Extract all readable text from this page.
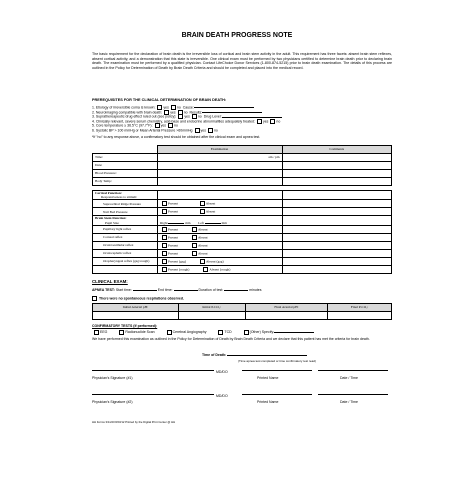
BRAIN DEATH PROGRESS NOTE
The basic requirement for the declaration of brain death is the irreversible loss of cortical and brain stem activity in the adult. This requirement has three facets: absent brain stem reflexes, absent cortical activity, and a demonstration that this state is irreversible. One clinical exam must be performed by two physicians certified to determine brain death prior to declaring brain death. The examination must be performed by a qualified physician. Contact LifeChoice Donor Services (1-800-874-5215) prior to brain death examination. The details of this process are outlined in the Policy for Determination of Death by Brain Death Criteria and should be completed and placed into the medical record.
PREREQUISITES FOR THE CLINICAL DETERMINATION OF BRAIN DEATH:
1. Etiology of irreversible coma is known: yes no Cause:
2. Neuroimaging compatible with brain death: yes no Results:
3. Suprathereapeutic drug effect ruled out (see policy): yes no Drug Level:
4. Clinically relevant, severe serum chemistry, acid-base and endocrine abnormalities adequately treated: yes no
5. Core temperature ≥ 36.5°C (97.7°F): yes no
6. Systolic BP > 100 mmHg or Mean Arterial Pressure >60mmHg yes no
*If "no" to any response above, a confirmatory test should be obtained after the clinical exam and apnea test.
	Examination	Comments
Time:	am / pm	
Date:		
Blood Pressure:		
Body Temp:		
Cortical Function:
Responsiveness to stimuli:		
Supraorbital Ridge Pressure	Present Absent	
Nail Bed Pressure	Present Absent	
Brain Stem Function:
Pupil Size	Right mm Left mm	
Pupillary light reflex	Present Absent	
Corneal reflex	Present Absent	
Oculovestibular reflex	Present Absent	
Oculocephalic reflex	Present Absent	
Oropharyngeal reflex (gag/cough)	Present (gag) Absent (gag)	
	Present (cough) Absent (cough)	
CLINICAL EXAM:
APNEA TEST: Start time:	End time:	Duration of test:	minutes
There were no spontaneous respirations observed.
Initial Arterial pH:	Initial PₐCO₂:	Final Arterial pH:	Final PₐCO₂:

CONFIRMATORY TESTS (If performed):
EEG	Radionuclide Scan	Cerebral Angiography	TCD	(Other) Specify:
We have performed this examination as outlined in the Policy for Determination of Death by Brain Death Criteria and we declare that this patient has met the criteria for brain death.
Time of Death:
(Time apnea test completed or time confirmatory test read)
MD/DO
Physician's Signature (#1)	Printed Name	Date / Time
MD/DO
Physician's Signature (#2)	Printed Name	Date / Time
HH Forms 3/11/20 R03/12 Printed by the Digital Print Center @ HH
